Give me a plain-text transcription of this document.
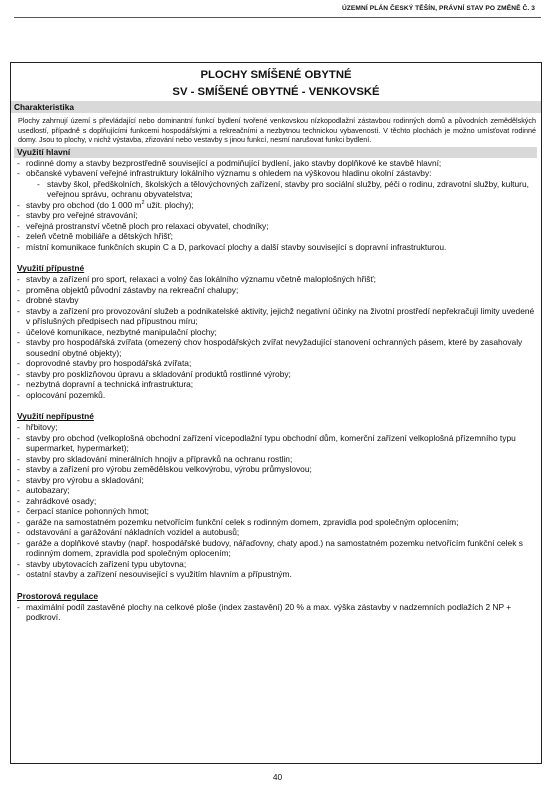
ÚZEMNÍ PLÁN ČESKÝ TĚŠÍN, PRÁVNÍ STAV PO ZMĚNĚ Č. 3
PLOCHY SMÍŠENÉ OBYTNÉ
SV - SMÍŠENÉ OBYTNÉ - VENKOVSKÉ
Charakteristika
Plochy zahrnují území s převládající nebo dominantní funkcí bydlení tvořené venkovskou nízkopodlažní zástavbou rodinných domů a původních zemědělských usedlostí, případně s doplňujícími funkcemi hospodářskými a rekreačními a nezbytnou technickou vybaveností. V těchto plochách je možno umísťovat rodinné domy. Jsou to plochy, v nichž výstavba, zřizování nebo vestavby s jinou funkcí, nesmí narušovat funkci bydlení.
Využití hlavní
- rodinné domy a stavby bezprostředně související a podmiňující bydlení, jako stavby doplňkové ke stavbě hlavní;
- občanské vybavení veřejné infrastruktury lokálního významu s ohledem na výškovou hladinu okolní zástavby:
- stavby škol, předškolních, školských a tělovýchovných zařízení, stavby pro sociální služby, péči o rodinu, zdravotní služby, kulturu, veřejnou správu, ochranu obyvatelstva;
- stavby pro obchod (do 1 000 $m^2$ užit. plochy);
- stavby pro veřejné stravování;
- veřejná prostranství včetně ploch pro relaxaci obyvatel, chodníky;
- zeleň včetně mobiliáře a dětských hřišť;
- místní komunikace funkčních skupin C a D, parkovací plochy a další stavby související s dopravní infrastrukturou.
Využití přípustné
- stavby a zařízení pro sport, relaxaci a volný čas lokálního významu včetně maloplošných hřišť;
- proměna objektů původní zástavby na rekreační chalupy;
- drobné stavby
- stavby a zařízení pro provozování služeb a podnikatelské aktivity, jejichž negativní účinky na životní prostředí nepřekračují limity uvedené v příslušných předpisech nad přípustnou míru;
- účelové komunikace, nezbytné manipulační plochy;
- stavby pro hospodářská zvířata (omezený chov hospodářských zvířat nevyžadující stanovení ochranných pásem, které by zasahovaly sousední obytné objekty);
- doprovodné stavby pro hospodářská zvířata;
- stavby pro posklizňovou úpravu a skladování produktů rostlinné výroby;
- nezbytná dopravní a technická infrastruktura;
- oplocování pozemků.
Využití nepřípustné
- hřbitovy;
- stavby pro obchod (velkoplošná obchodní zařízení vícepodlažní typu obchodní dům, komerční zařízení velkoplošná přízemního typu supermarket, hypermarket);
- stavby pro skladování minerálních hnojiv a přípravků na ochranu rostlin;
- stavby a zařízení pro výrobu zemědělskou velkovýrobu, výrobu průmyslovou;
- stavby pro výrobu a skladování;
- autobazary;
- zahrádkové osady;
- čerpací stanice pohonných hmot;
- garáže na samostatném pozemku netvořícím funkční celek s rodinným domem, zpravidla pod společným oplocením;
- odstavování a garážování nákladních vozidel a autobusů;
- garáže a doplňkové stavby (např. hospodářské budovy, nářaďovny, chaty apod.) na samostatném pozemku netvořícím funkční celek s rodinným domem, zpravidla pod společným oplocením;
- stavby ubytovacích zařízení typu ubytovna;
- ostatní stavby a zařízení nesouvisející s využitím hlavním a přípustným.
Prostorová regulace
- maximální podíl zastavěné plochy na celkové ploše (index zastavění) 20 % a max. výška zástavby v nadzemních podlažích 2 NP + podkroví.
40
